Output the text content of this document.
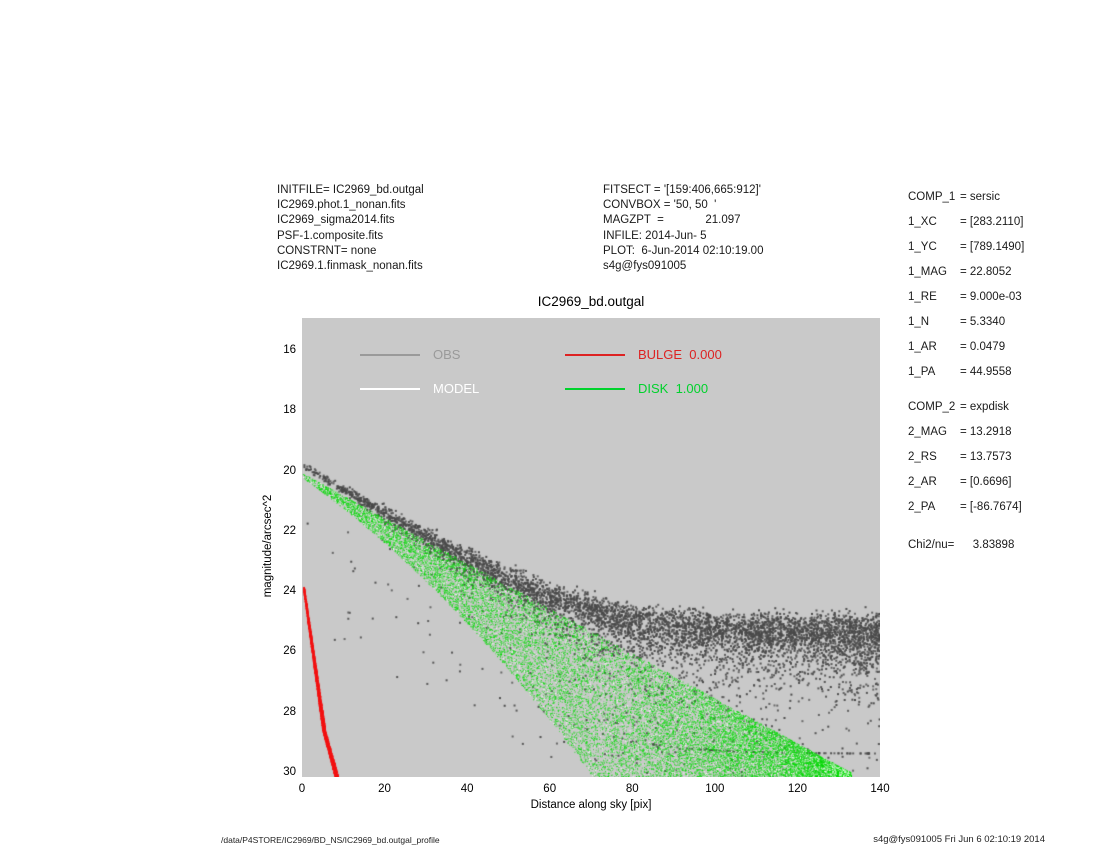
INITFILE= IC2969_bd.outgal
IC2969.phot.1_nonan.fits
IC2969_sigma2014.fits
PSF-1.composite.fits
CONSTRNT= none
IC2969.1.finmask_nonan.fits
FITSECT = '[159:406,665:912]'
CONVBOX = '50, 50  '
MAGZPT  =             21.097
INFILE: 2014-Jun- 5
PLOT:  6-Jun-2014 02:10:19.00
s4g@fys091005
COMP_1 = sersic
1_XC	= [283.2110]
1_YC	= [789.1490]
1_MAG	= 22.8052
1_RE	= 9.000e-03
1_N	= 5.3340
1_AR	= 0.0479
1_PA	= 44.9558
COMP_2 = expdisk
2_MAG	= 13.2918
2_RS	= 13.7573
2_AR	= [0.6696]
2_PA	= [-86.7674]
Chi2/nu= 3.83898
IC2969_bd.outgal
magnitude/arcsec^2
Distance along sky [pix]
16
18
20
22
24
26
28
30
0	20	40	60	80	100	120	140
OBS
MODEL
BULGE  0.000
DISK  1.000
/data/P4STORE/IC2969/BD_NS/IC2969_bd.outgal_profile	s4g@fys091005 Fri Jun 6 02:10:19 2014
